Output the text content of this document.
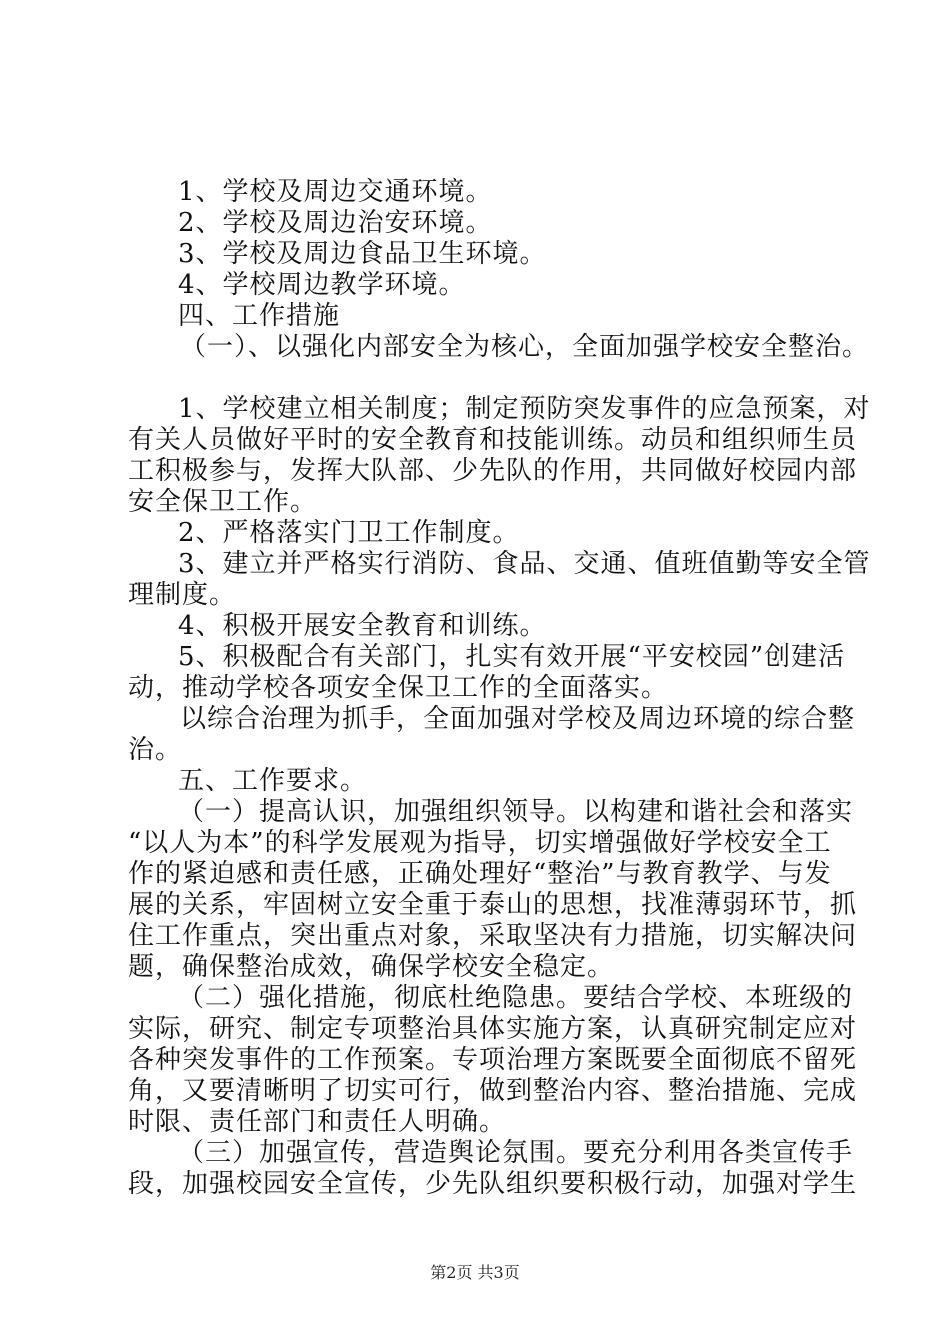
1、学校及周边交通环境。
2、学校及周边治安环境。
3、学校及周边食品卫生环境。
4、学校周边教学环境。
四、工作措施
（一）、以强化内部安全为核心，全面加强学校安全整治。
1、学校建立相关制度；制定预防突发事件的应急预案，对
有关人员做好平时的安全教育和技能训练。动员和组织师生员
工积极参与，发挥大队部、少先队的作用，共同做好校园内部
安全保卫工作。
2、严格落实门卫工作制度。
3、建立并严格实行消防、食品、交通、值班值勤等安全管
理制度。
4、积极开展安全教育和训练。
5、积极配合有关部门，扎实有效开展“平安校园”创建活
动，推动学校各项安全保卫工作的全面落实。
以综合治理为抓手，全面加强对学校及周边环境的综合整
治。
五、工作要求。
（一）提高认识，加强组织领导。以构建和谐社会和落实
“以人为本”的科学发展观为指导，切实增强做好学校安全工
作的紧迫感和责任感，正确处理好“整治”与教育教学、与发
展的关系，牢固树立安全重于泰山的思想，找准薄弱环节，抓
住工作重点，突出重点对象，采取坚决有力措施，切实解决问
题，确保整治成效，确保学校安全稳定。
（二）强化措施，彻底杜绝隐患。要结合学校、本班级的
实际，研究、制定专项整治具体实施方案，认真研究制定应对
各种突发事件的工作预案。专项治理方案既要全面彻底不留死
角，又要清晰明了切实可行，做到整治内容、整治措施、完成
时限、责任部门和责任人明确。
（三）加强宣传，营造舆论氛围。要充分利用各类宣传手
段，加强校园安全宣传，少先队组织要积极行动，加强对学生
第2页 共3页
